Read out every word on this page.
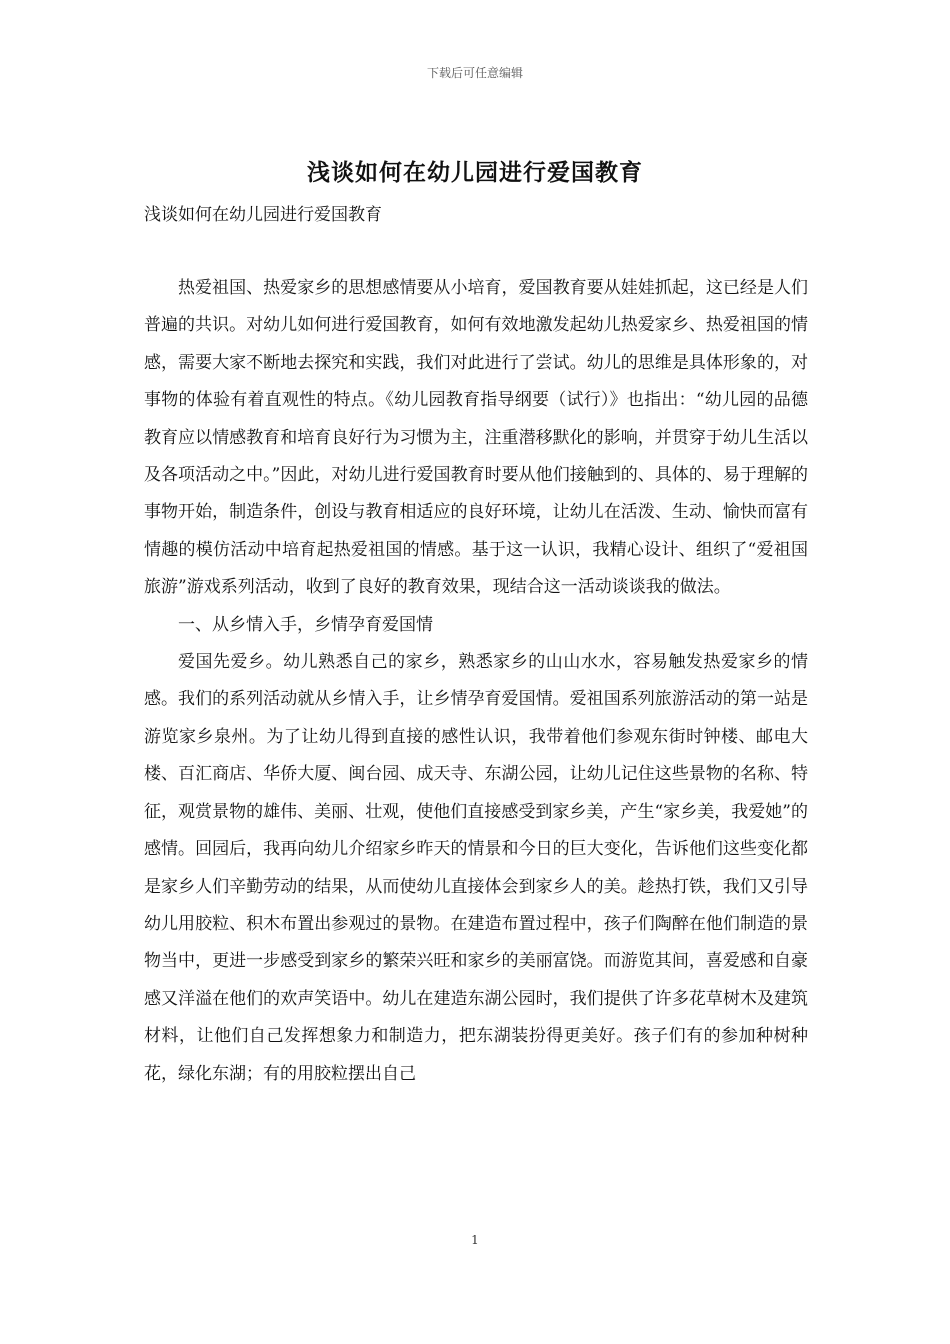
下载后可任意编辑
浅谈如何在幼儿园进行爱国教育
浅谈如何在幼儿园进行爱国教育

热爱祖国、热爱家乡的思想感情要从小培育，爱国教育要从娃娃抓起，这已经是人们普遍的共识。对幼儿如何进行爱国教育，如何有效地激发起幼儿热爱家乡、热爱祖国的情感，需要大家不断地去探究和实践，我们对此进行了尝试。幼儿的思维是具体形象的，对事物的体验有着直观性的特点。《幼儿园教育指导纲要（试行）》也指出：“幼儿园的品德教育应以情感教育和培育良好行为习惯为主，注重潜移默化的影响，并贯穿于幼儿生活以及各项活动之中。”因此，对幼儿进行爱国教育时要从他们接触到的、具体的、易于理解的事物开始，制造条件，创设与教育相适应的良好环境，让幼儿在活泼、生动、愉快而富有情趣的模仿活动中培育起热爱祖国的情感。基于这一认识，我精心设计、组织了“爱祖国旅游”游戏系列活动，收到了良好的教育效果，现结合这一活动谈谈我的做法。

一、从乡情入手，乡情孕育爱国情

爱国先爱乡。幼儿熟悉自己的家乡，熟悉家乡的山山水水，容易触发热爱家乡的情感。我们的系列活动就从乡情入手，让乡情孕育爱国情。爱祖国系列旅游活动的第一站是游览家乡泉州。为了让幼儿得到直接的感性认识，我带着他们参观东街时钟楼、邮电大楼、百汇商店、华侨大厦、闽台园、成天寺、东湖公园，让幼儿记住这些景物的名称、特征，观赏景物的雄伟、美丽、壮观，使他们直接感受到家乡美，产生“家乡美，我爱她”的感情。回园后，我再向幼儿介绍家乡昨天的情景和今日的巨大变化，告诉他们这些变化都是家乡人们辛勤劳动的结果，从而使幼儿直接体会到家乡人的美。趁热打铁，我们又引导幼儿用胶粒、积木布置出参观过的景物。在建造布置过程中，孩子们陶醉在他们制造的景物当中，更进一步感受到家乡的繁荣兴旺和家乡的美丽富饶。而游览其间，喜爱感和自豪感又洋溢在他们的欢声笑语中。幼儿在建造东湖公园时，我们提供了许多花草树木及建筑材料，让他们自己发挥想象力和制造力，把东湖装扮得更美好。孩子们有的参加种树种花，绿化东湖；有的用胶粒摆出自己

1
